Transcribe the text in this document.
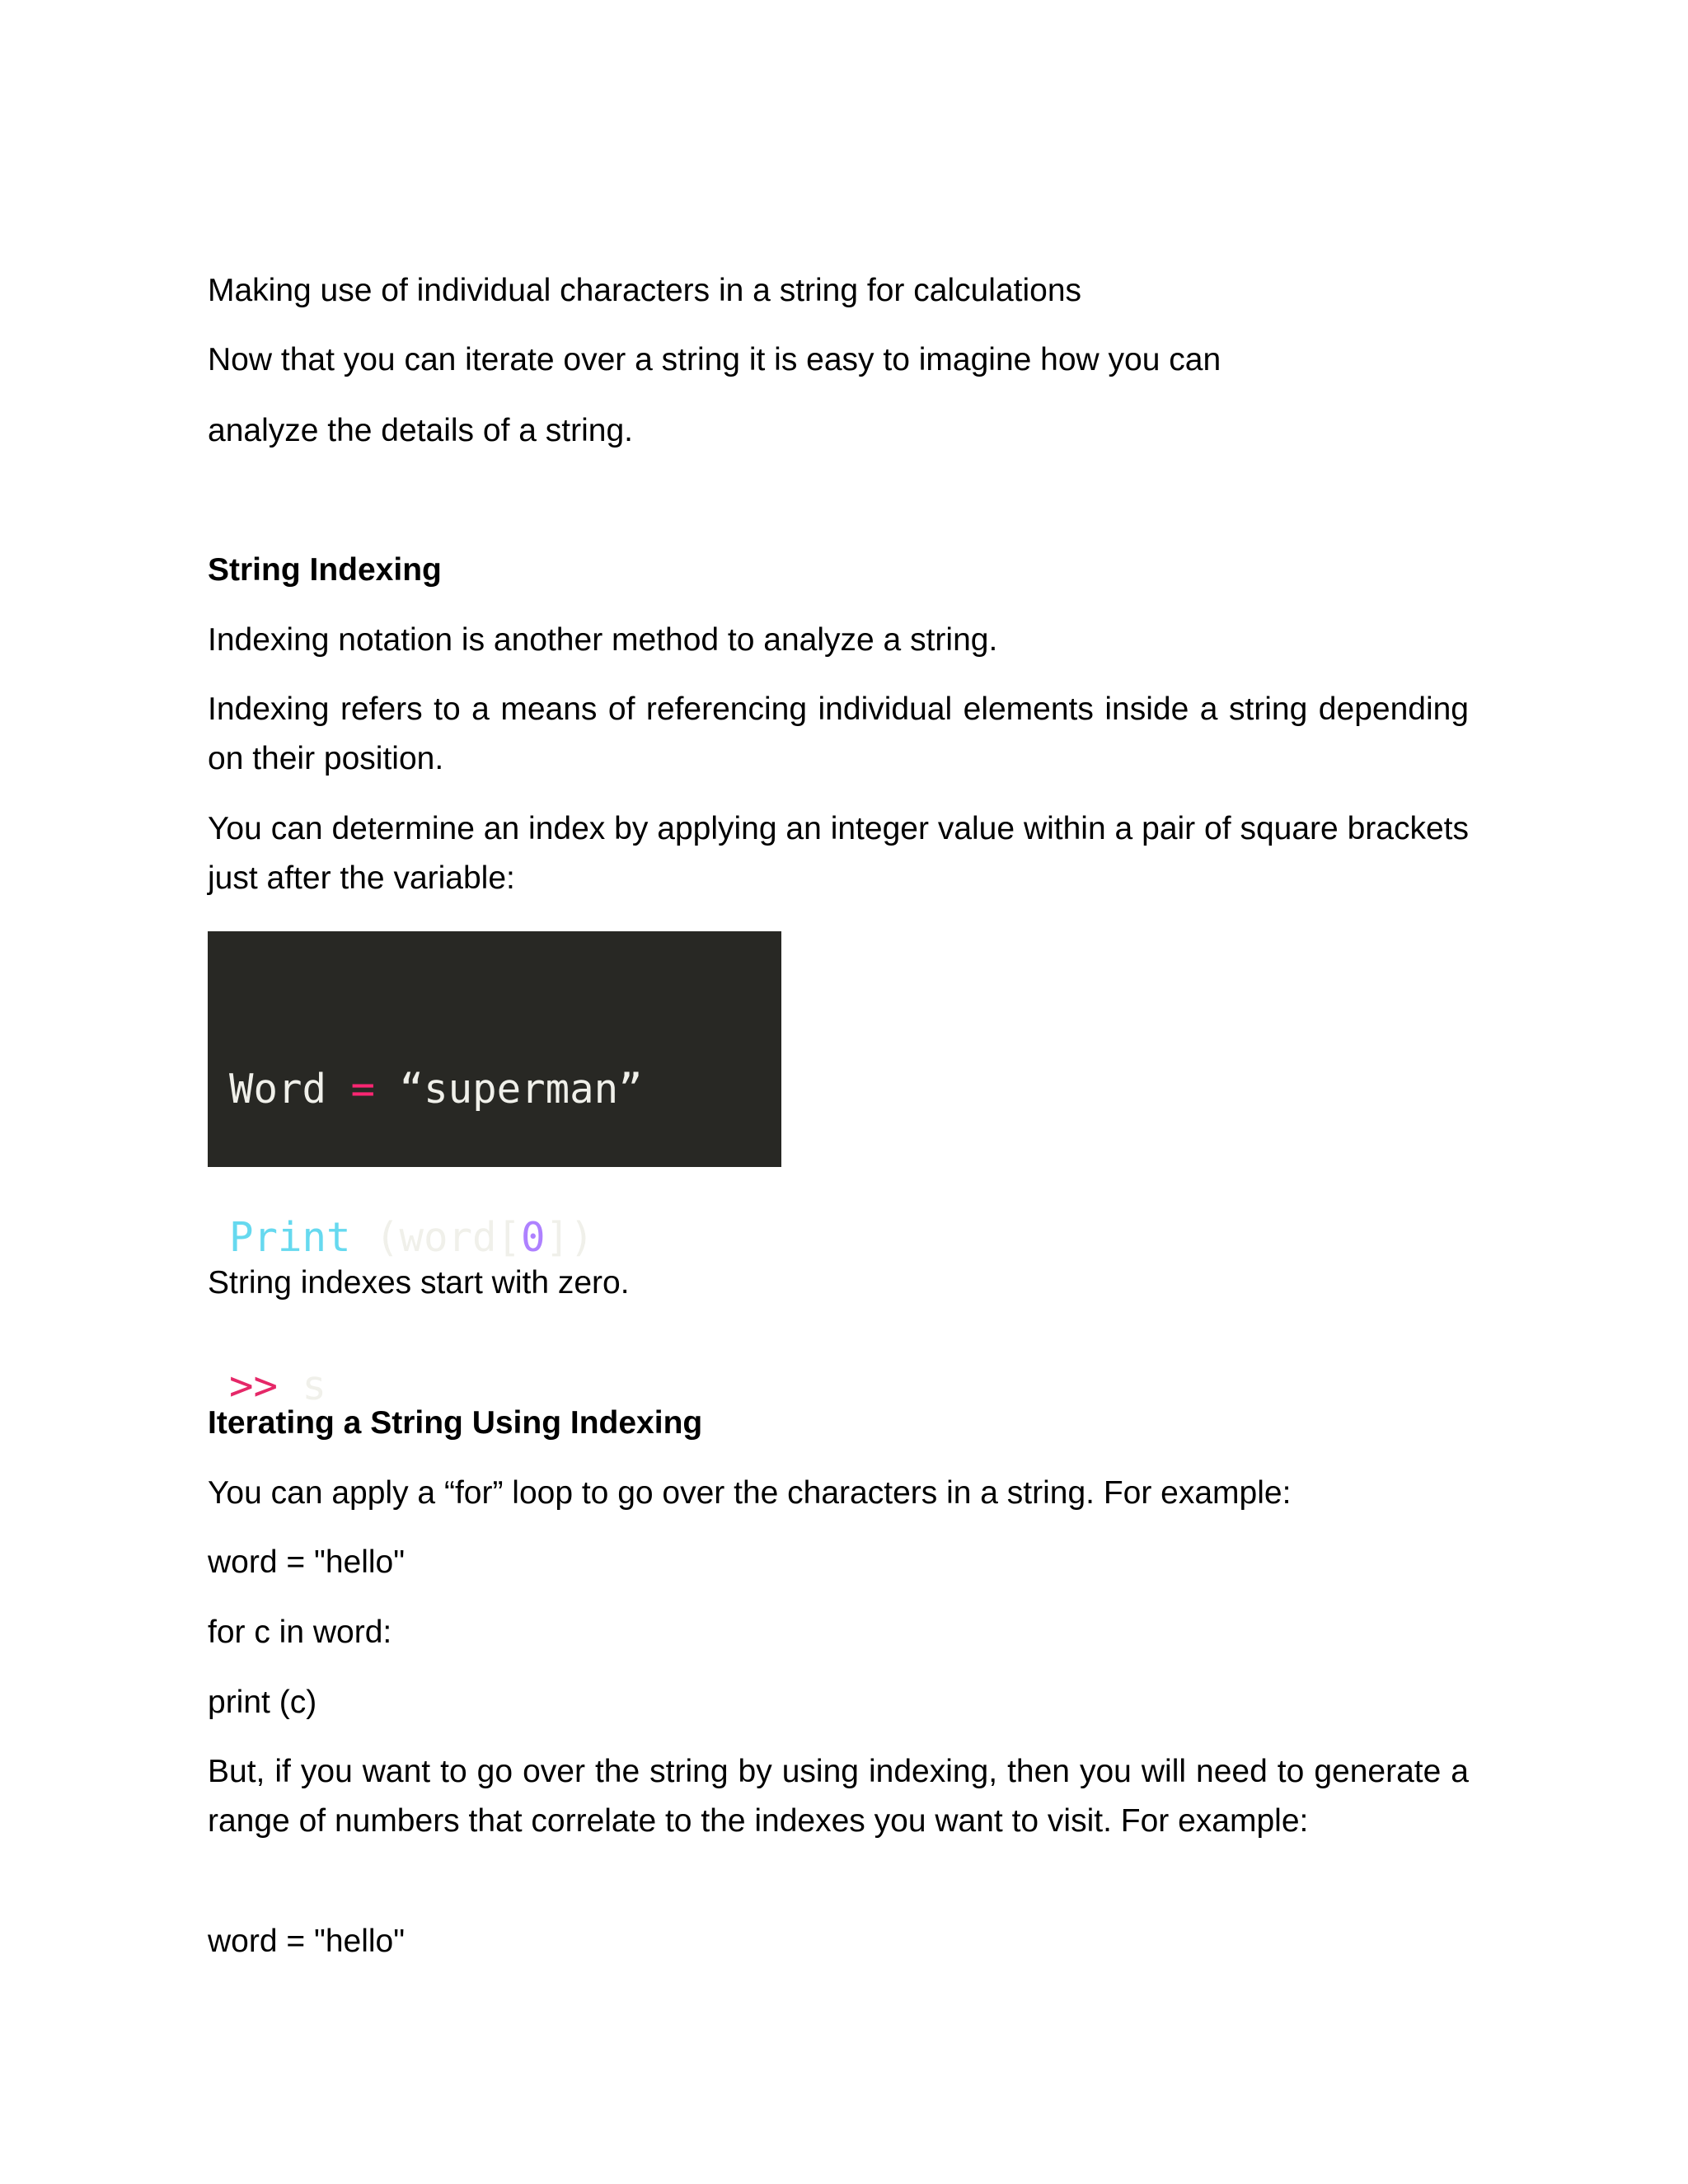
Making use of individual characters in a string for calculations

Now that you can iterate over a string it is easy to imagine how you can

analyze the details of a string.

String Indexing

Indexing notation is another method to analyze a string.

Indexing refers to a means of referencing individual elements inside a string depending on their position.

You can determine an index by applying an integer value within a pair of square brackets just after the variable:

Word = “superman”

Print (word[0])

>> s

String indexes start with zero.

Iterating a String Using Indexing

You can apply a “for” loop to go over the characters in a string. For example:

word = "hello"

for c in word:

print (c)

But, if you want to go over the string by using indexing, then you will need to generate a range of numbers that correlate to the indexes you want to visit. For example:

word = "hello"
